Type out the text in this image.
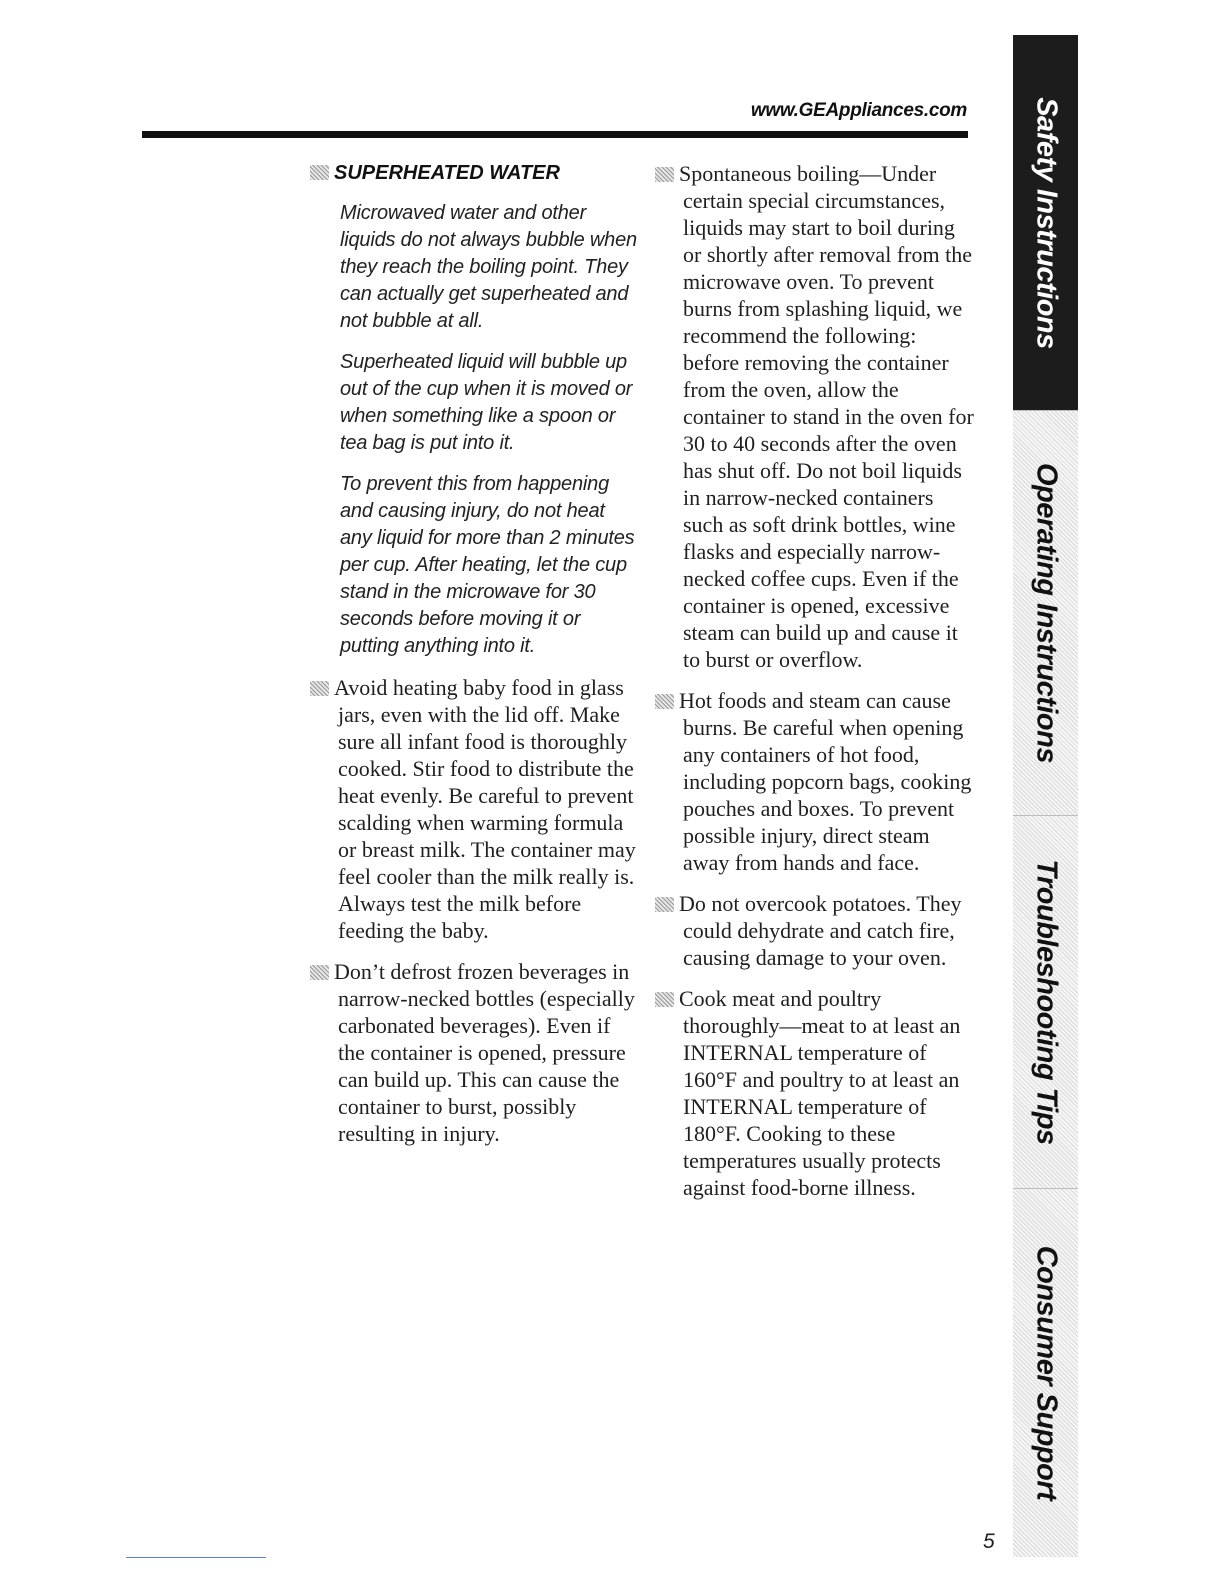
www.GEAppliances.com
SUPERHEATED WATER

Microwaved water and other liquids do not always bubble when they reach the boiling point. They can actually get superheated and not bubble at all.

Superheated liquid will bubble up out of the cup when it is moved or when something like a spoon or tea bag is put into it.

To prevent this from happening and causing injury, do not heat any liquid for more than 2 minutes per cup. After heating, let the cup stand in the microwave for 30 seconds before moving it or putting anything into it.

Avoid heating baby food in glass jars, even with the lid off. Make sure all infant food is thoroughly cooked. Stir food to distribute the heat evenly. Be careful to prevent scalding when warming formula or breast milk. The container may feel cooler than the milk really is. Always test the milk before feeding the baby.

Don’t defrost frozen beverages in narrow-necked bottles (especially carbonated beverages). Even if the container is opened, pressure can build up. This can cause the container to burst, possibly resulting in injury.

Spontaneous boiling—Under certain special circumstances, liquids may start to boil during or shortly after removal from the microwave oven. To prevent burns from splashing liquid, we recommend the following: before removing the container from the oven, allow the container to stand in the oven for 30 to 40 seconds after the oven has shut off. Do not boil liquids in narrow-necked containers such as soft drink bottles, wine flasks and especially narrow-necked coffee cups. Even if the container is opened, excessive steam can build up and cause it to burst or overflow.

Hot foods and steam can cause burns. Be careful when opening any containers of hot food, including popcorn bags, cooking pouches and boxes. To prevent possible injury, direct steam away from hands and face.

Do not overcook potatoes. They could dehydrate and catch fire, causing damage to your oven.

Cook meat and poultry thoroughly—meat to at least an INTERNAL temperature of 160°F and poultry to at least an INTERNAL temperature of 180°F. Cooking to these temperatures usually protects against food-borne illness.

Safety Instructions
Operating Instructions
Troubleshooting Tips
Consumer Support
5
